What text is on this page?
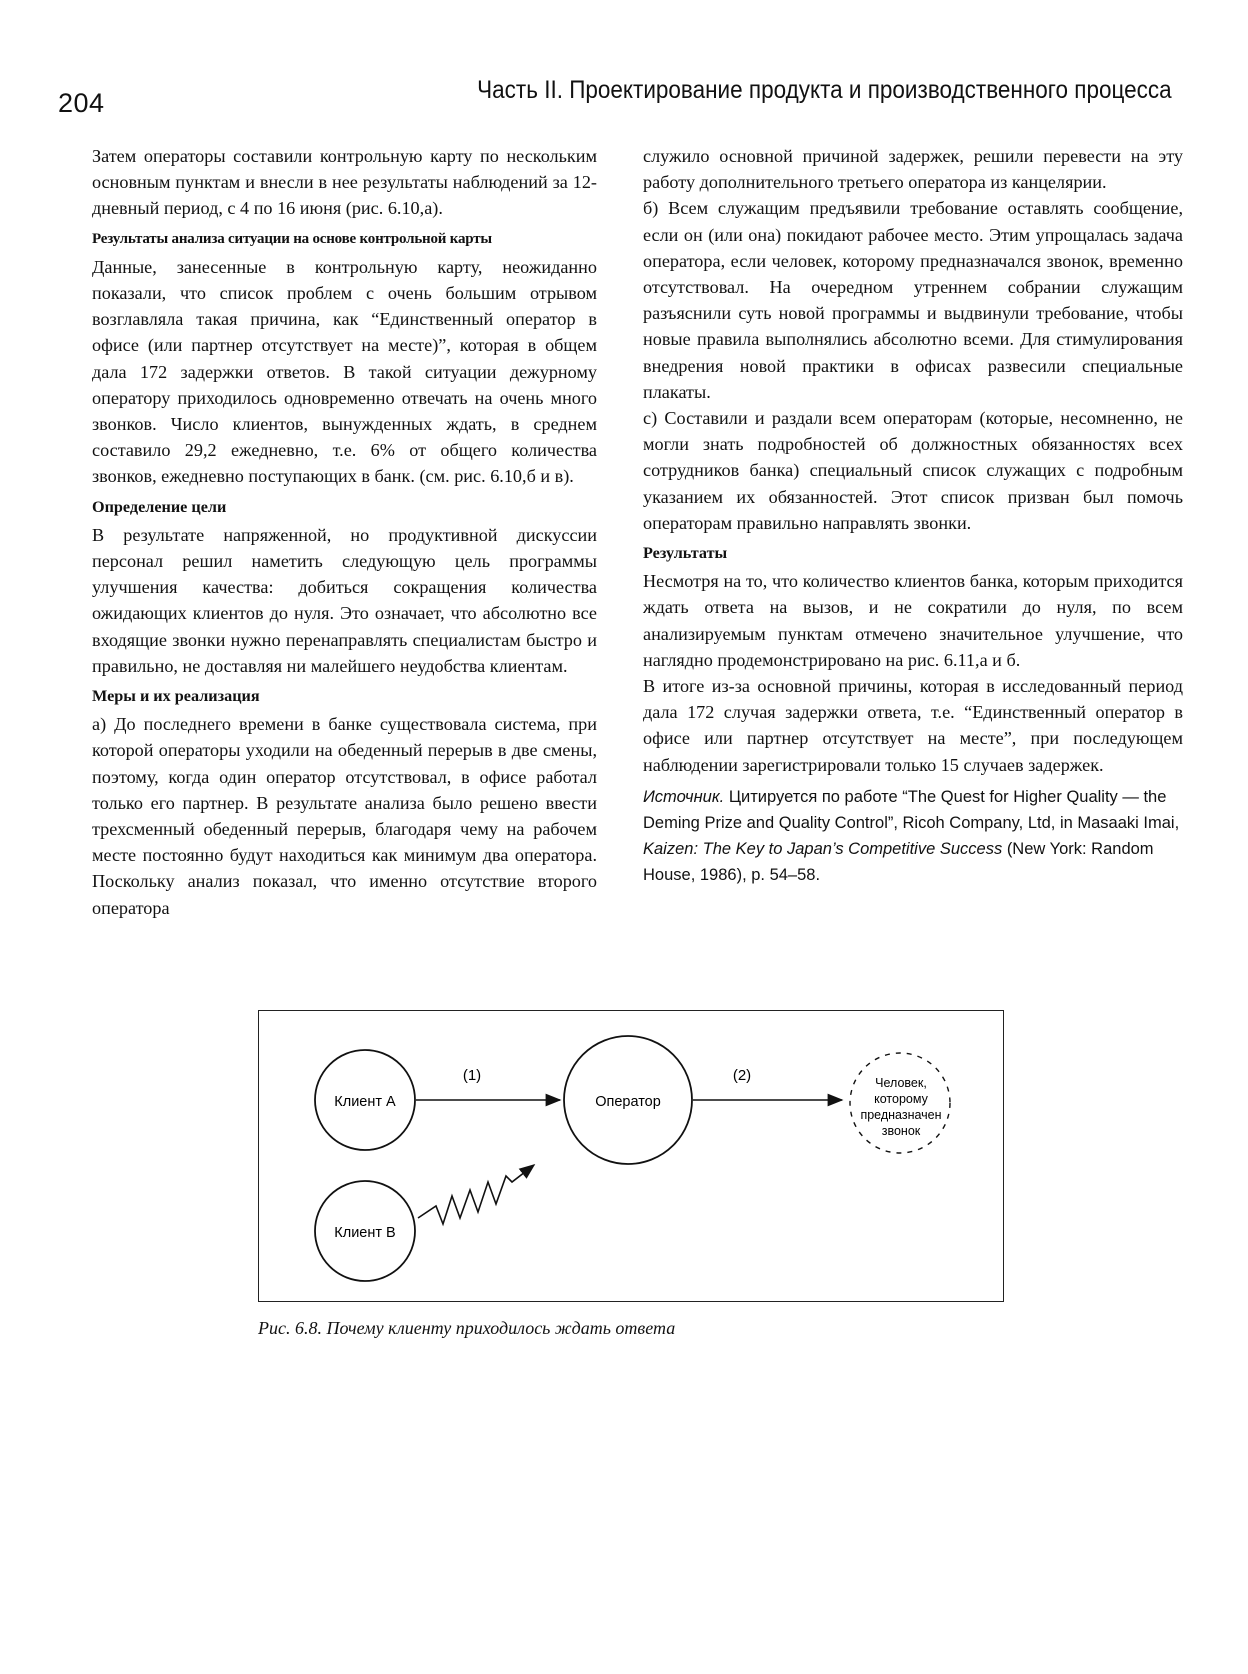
204	Часть II. Проектирование продукта и производственного процесса

Затем операторы составили контрольную карту по нескольким основным пунктам и внесли в нее результаты наблюдений за 12-дневный период, с 4 по 16 июня (рис. 6.10,а).

Результаты анализа ситуации на основе контрольной карты

Данные, занесенные в контрольную карту, неожиданно показали, что список проблем с очень большим отрывом возглавляла такая причина, как “Единственный оператор в офисе (или партнер отсутствует на месте)”, которая в общем дала 172 задержки ответов. В такой ситуации дежурному оператору приходилось одновременно отвечать на очень много звонков. Число клиентов, вынужденных ждать, в среднем составило 29,2 ежедневно, т.е. 6% от общего количества звонков, ежедневно поступающих в банк. (см. рис. 6.10,б и в).

Определение цели

В результате напряженной, но продуктивной дискуссии персонал решил наметить следующую цель программы улучшения качества: добиться сокращения количества ожидающих клиентов до нуля. Это означает, что абсолютно все входящие звонки нужно перенаправлять специалистам быстро и правильно, не доставляя ни малейшего неудобства клиентам.

Меры и их реализация

а) До последнего времени в банке существовала система, при которой операторы уходили на обеденный перерыв в две смены, поэтому, когда один оператор отсутствовал, в офисе работал только его партнер. В результате анализа было решено ввести трехсменный обеденный перерыв, благодаря чему на рабочем месте постоянно будут находиться как минимум два оператора. Поскольку анализ показал, что именно отсутствие второго оператора

служило основной причиной задержек, решили перевести на эту работу дополнительного третьего оператора из канцелярии.

б) Всем служащим предъявили требование оставлять сообщение, если он (или она) покидают рабочее место. Этим упрощалась задача оператора, если человек, которому предназначался звонок, временно отсутствовал. На очередном утреннем собрании служащим разъяснили суть новой программы и выдвинули требование, чтобы новые правила выполнялись абсолютно всеми. Для стимулирования внедрения новой практики в офисах развесили специальные плакаты.

с) Составили и раздали всем операторам (которые, несомненно, не могли знать подробностей об должностных обязанностях всех сотрудников банка) специальный список служащих с подробным указанием их обязанностей. Этот список призван был помочь операторам правильно направлять звонки.

Результаты

Несмотря на то, что количество клиентов банка, которым приходится ждать ответа на вызов, и не сократили до нуля, по всем анализируемым пунктам отмечено значительное улучшение, что наглядно продемонстрировано на рис. 6.11,а и б.

В итоге из-за основной причины, которая в исследованный период дала 172 случая задержки ответа, т.е. “Единственный оператор в офисе или партнер отсутствует на месте”, при последующем наблюдении зарегистрировали только 15 случаев задержек.

Источник. Цитируется по работе “The Quest for Higher Quality — the Deming Prize and Quality Control”, Ricoh Company, Ltd, in Masaaki Imai, Kaizen: The Key to Japan’s Competitive Success (New York: Random House, 1986), p. 54–58.
Клиент А	Оператор
Человек,
которому
предназначен
звонок
Клиент В
(1)	(2)
Рис. 6.8. Почему клиенту приходилось ждать ответа
